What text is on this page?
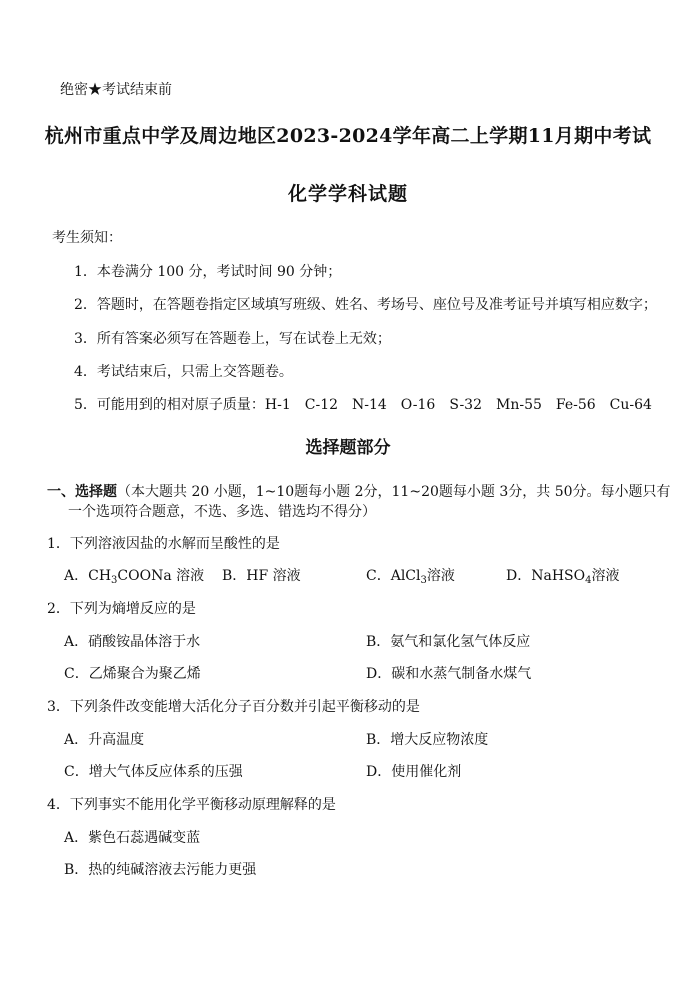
绝密★考试结束前
杭州市重点中学及周边地区2023-2024学年高二上学期11月期中考试
化学学科试题
考生须知：
1．本卷满分 100 分，考试时间 90 分钟；
2．答题时，在答题卷指定区域填写班级、姓名、考场号、座位号及准考证号并填写相应数字；
3．所有答案必须写在答题卷上，写在试卷上无效；
4．考试结束后，只需上交答题卷。
5．可能用到的相对原子质量：H-1　C-12　N-14　O-16　S-32　Mn-55　Fe-56　Cu-64
选择题部分
一、选择题（本大题共 20 小题，1~10题每小题 2分，11~20题每小题 3分，共 50分。每小题只有
一个选项符合题意，不选、多选、错选均不得分）
1．下列溶液因盐的水解而呈酸性的是
A．$CH_3COONa$ 溶液 B．HF 溶液	C．AlCl$_3$溶液	D．NaHSO$_4$溶液
2．下列为熵增反应的是
A．硝酸铵晶体溶于水	B．氨气和氯化氢气体反应
C．乙烯聚合为聚乙烯	D．碳和水蒸气制备水煤气
3．下列条件改变能增大活化分子百分数并引起平衡移动的是
A．升高温度	B．增大反应物浓度
C．增大气体反应体系的压强	D．使用催化剂
4．下列事实不能用化学平衡移动原理解释的是
A．紫色石蕊遇碱变蓝
B．热的纯碱溶液去污能力更强
